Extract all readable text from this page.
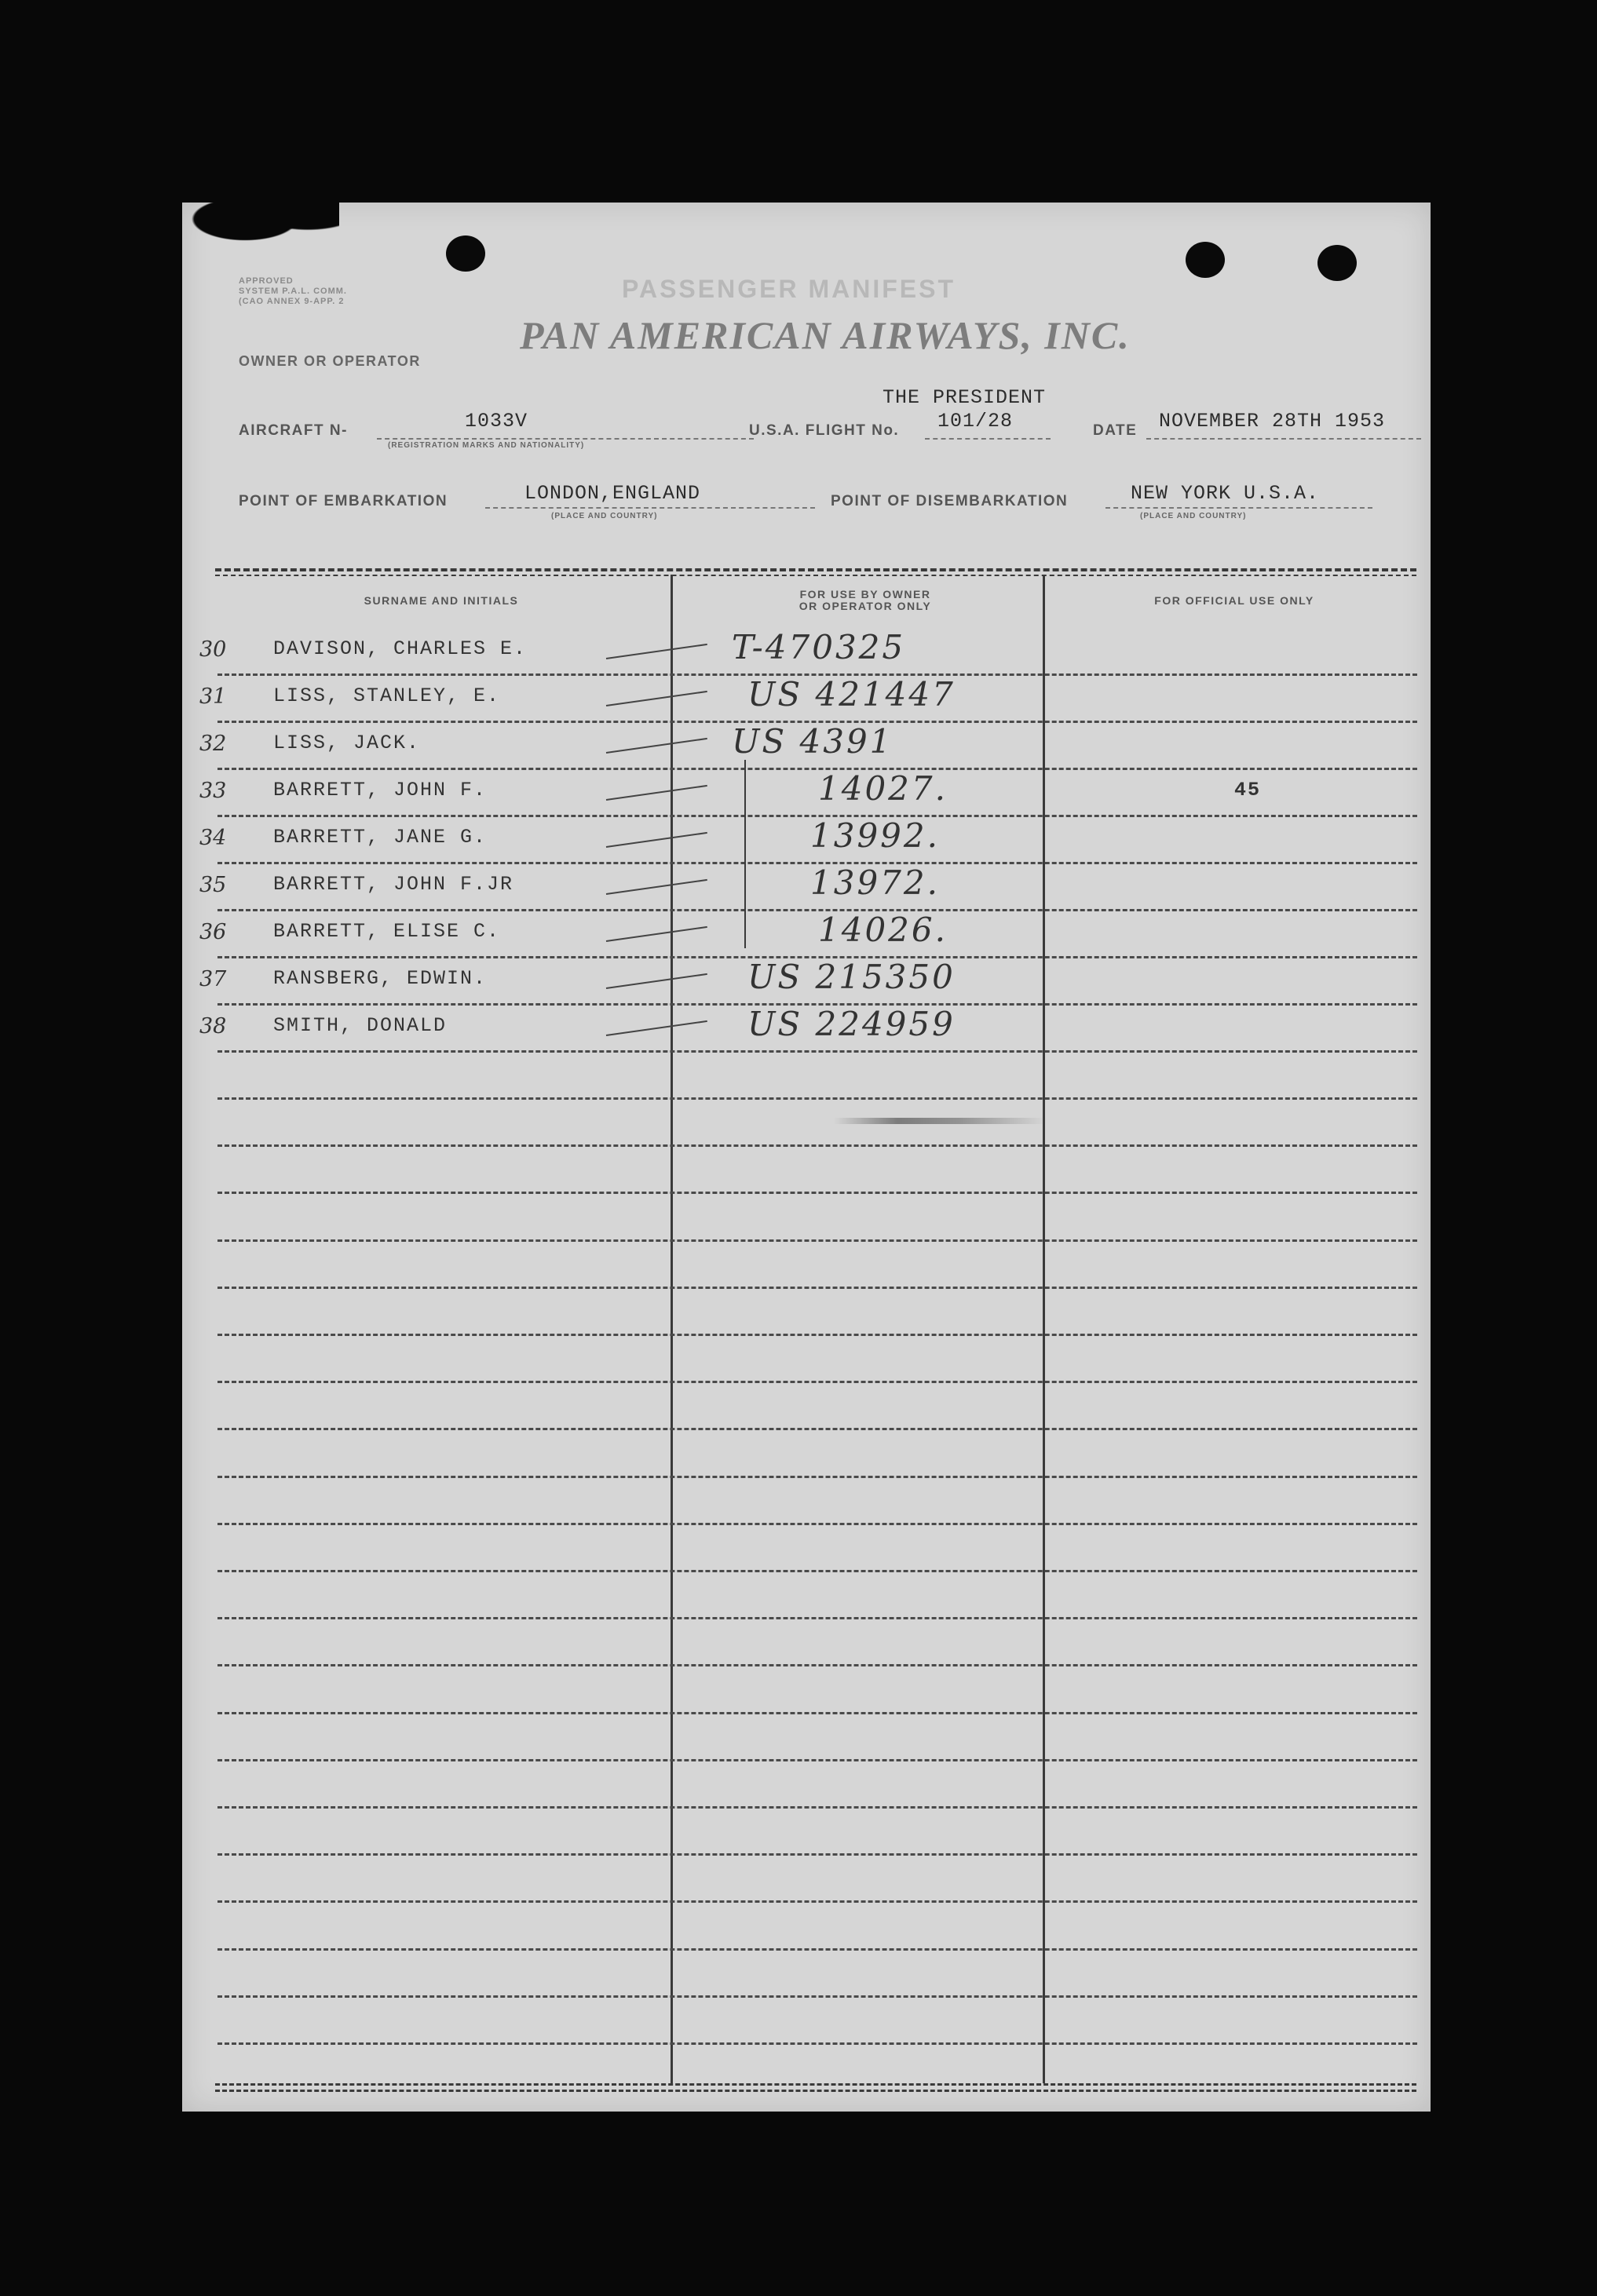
APPROVED
SYSTEM P.A.L. COMM.
(CAO ANNEX 9-APP. 2	PASSENGER MANIFEST
PAN AMERICAN AIRWAYS, INC.
OWNER OR OPERATOR
AIRCRAFT N-	1033V
(REGISTRATION MARKS AND NATIONALITY)
THE PRESIDENT
U.S.A. FLIGHT No. 101/28	DATE NOVEMBER 28TH 1953
POINT OF EMBARKATION	LONDON,ENGLAND
(PLACE AND COUNTRY)
POINT OF DISEMBARKATION	NEW YORK U.S.A.
(PLACE AND COUNTRY)
SURNAME AND INITIALS	FOR USE BY OWNER
OR OPERATOR ONLY	FOR OFFICIAL USE ONLY
30 DAVISON, CHARLES E.	T-470325
31 LISS, STANLEY, E.	US 421447
32 LISS, JACK.	US 4391
33 BARRETT, JOHN F.	14027.	45
34 BARRETT, JANE G.	13992.
35 BARRETT, JOHN F.JR	13972.
36 BARRETT, ELISE C.	14026.
37 RANSBERG, EDWIN.	US 215350
38 SMITH, DONALD	US 224959
